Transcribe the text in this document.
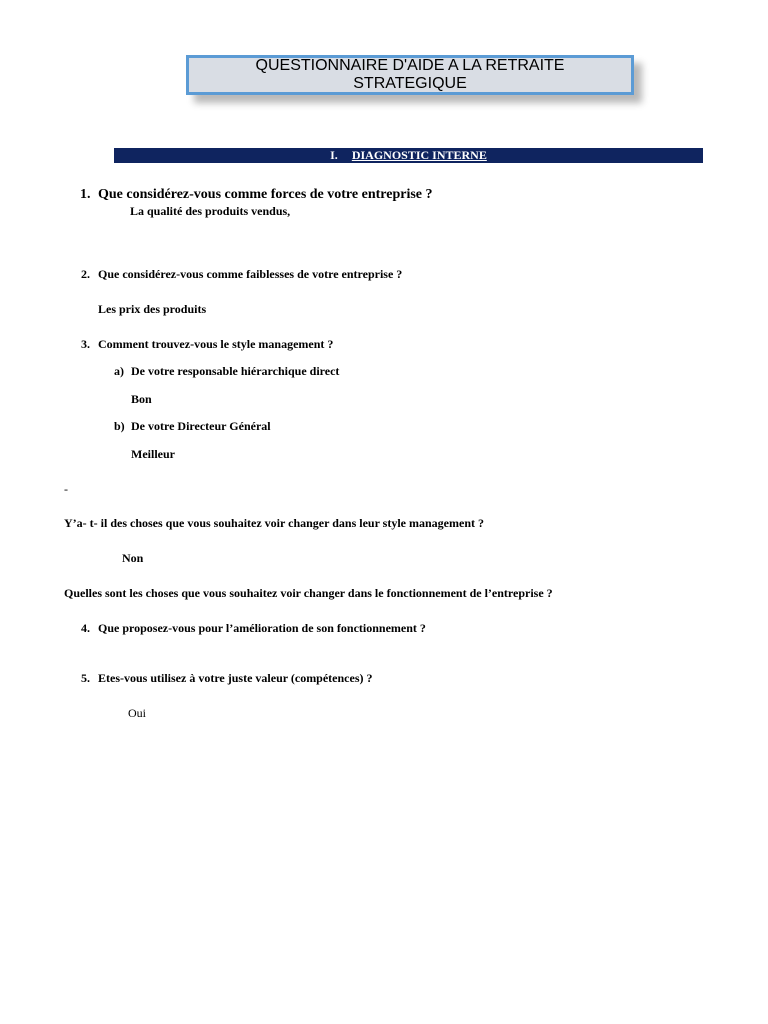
QUESTIONNAIRE D'AIDE A LA RETRAITE
STRATEGIQUE
I. DIAGNOSTIC INTERNE
1. Que considérez-vous comme forces de votre entreprise ?
La qualité des produits vendus,
2. Que considérez-vous comme faiblesses de votre entreprise ?
Les prix des produits
3. Comment trouvez-vous le style management ?
a) De votre responsable hiérarchique direct
Bon
b) De votre Directeur Général
Meilleur
-
Y’a- t- il des choses que vous souhaitez voir changer dans leur style management ?
Non
Quelles sont les choses que vous souhaitez voir changer dans le fonctionnement de l’entreprise ?
4. Que proposez-vous pour l’amélioration de son fonctionnement ?
5. Etes-vous utilisez à votre juste valeur (compétences) ?
Oui
